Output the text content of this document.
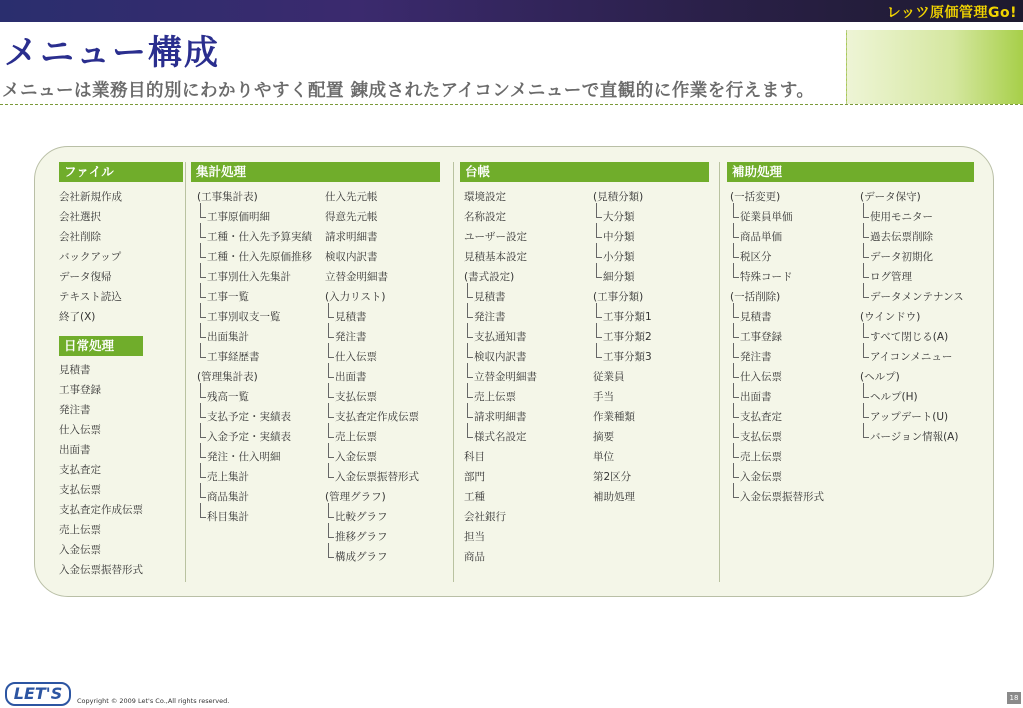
レッツ原価管理Go!
メニュー構成
メニューは業務目的別にわかりやすく配置 錬成されたアイコンメニューで直観的に作業を行えます。
ファイル
日常処理
集計処理	台帳	補助処理
会社新規作成
会社選択
会社削除
バックアップ
データ復帰
テキスト読込
終了(X)
見積書
工事登録
発注書
仕入伝票
出面書
支払査定
支払伝票
支払査定作成伝票
売上伝票
入金伝票
入金伝票振替形式
(工事集計表)
工事原価明細
工種・仕入先予算実績
工種・仕入先原価推移
工事別仕入先集計
工事一覧
工事別収支一覧
出面集計
工事経歴書
(管理集計表)
残高一覧
支払予定・実績表
入金予定・実績表
発注・仕入明細
売上集計
商品集計
科目集計
仕入先元帳
得意先元帳
請求明細書
検収内訳書
立替金明細書
(入力リスト)
見積書
発注書
仕入伝票
出面書
支払伝票
支払査定作成伝票
売上伝票
入金伝票
入金伝票振替形式
(管理グラフ)
比較グラフ
推移グラフ
構成グラフ
環境設定
名称設定
ユーザー設定
見積基本設定
(書式設定)
見積書
発注書
支払通知書
検収内訳書
立替金明細書
売上伝票
請求明細書
様式名設定
科目
部門
工種
会社銀行
担当
商品
(見積分類)
大分類
中分類
小分類
細分類
(工事分類)
工事分類1
工事分類2
工事分類3
従業員
手当
作業種類
摘要
単位
第2区分
補助処理
(一括変更)
従業員単価
商品単価
税区分
特殊コード
(一括削除)
見積書
工事登録
発注書
仕入伝票
出面書
支払査定
支払伝票
売上伝票
入金伝票
入金伝票振替形式
(データ保守)
使用モニター
過去伝票削除
データ初期化
ログ管理
データメンテナンス
(ウインドウ)
すべて閉じる(A)
アイコンメニュー
(ヘルプ)
ヘルプ(H)
アップデート(U)
バージョン情報(A)
LET'S	Copyright © 2009 Let's Co.,All rights reserved.	18
